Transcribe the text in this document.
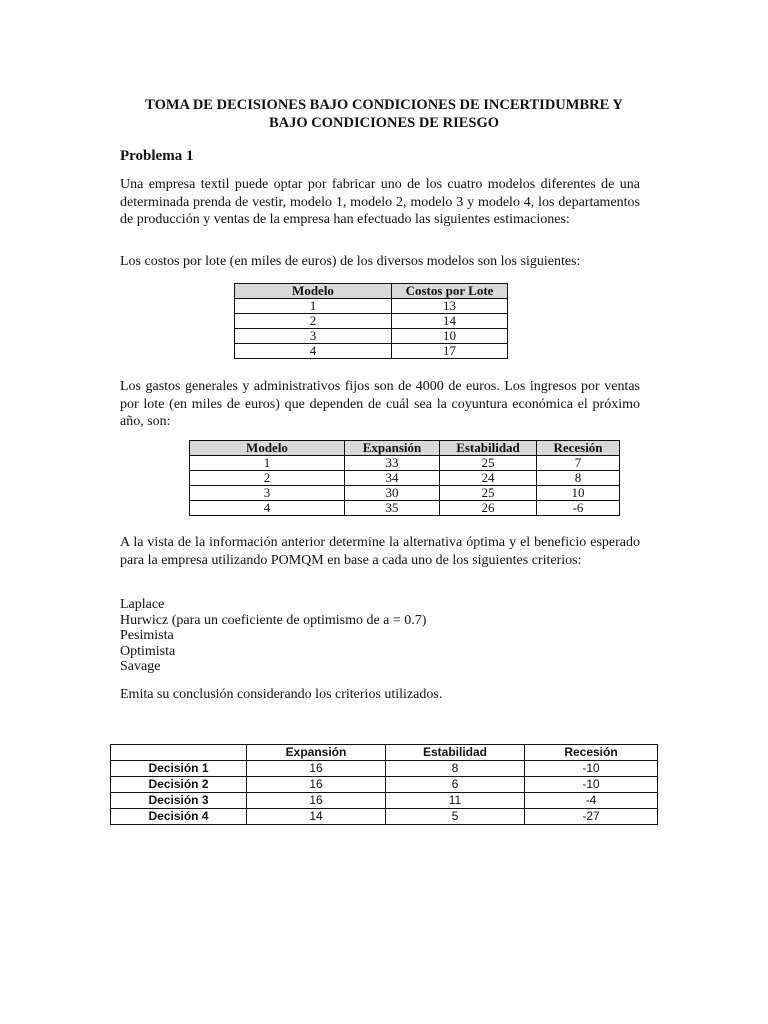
TOMA DE DECISIONES BAJO CONDICIONES DE INCERTIDUMBRE Y
BAJO CONDICIONES DE RIESGO
Problema 1
Una empresa textil puede optar por fabricar uno de los cuatro modelos diferentes de una determinada prenda de vestir, modelo 1, modelo 2, modelo 3 y modelo 4, los departamentos de producción y ventas de la empresa han efectuado las siguientes estimaciones:
Los costos por lote (en miles de euros) de los diversos modelos son los siguientes:
Modelo	Costos por Lote
1	13
2	14
3	10
4	17
Los gastos generales y administrativos fijos son de 4000 de euros. Los ingresos por ventas por lote (en miles de euros) que dependen de cuál sea la coyuntura económica el próximo año, son:
Modelo	Expansión	Estabilidad	Recesión
1	33	25	7
2	34	24	8
3	30	25	10
4	35	26	-6
A la vista de la información anterior determine la alternativa óptima y el beneficio esperado para la empresa utilizando POMQM en base a cada uno de los siguientes criterios:
Laplace
Hurwicz (para un coeficiente de optimismo de a = 0.7)
Pesimista
Optimista
Savage
Emita su conclusión considerando los criterios utilizados.
	Expansión	Estabilidad	Recesión
Decisión 1	16	8	-10
Decisión 2	16	6	-10
Decisión 3	16	11	-4
Decisión 4	14	5	-27
